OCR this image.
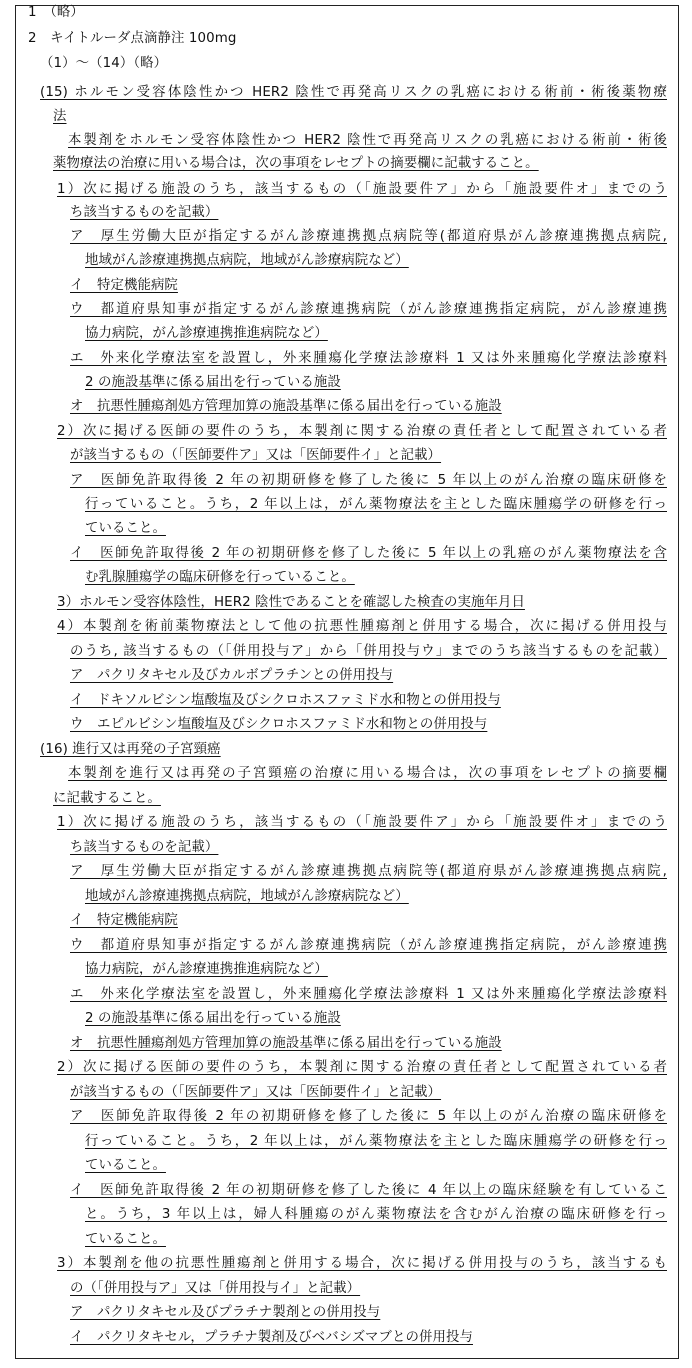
1　（略）
2　キイトルーダ点滴静注 100mg
（1）～（14）（略）
(15) ホルモン受容体陰性かつ HER2 陰性で再発高リスクの乳癌における術前・術後薬物療
法
本製剤をホルモン受容体陰性かつ HER2 陰性で再発高リスクの乳癌における術前・術後
薬物療法の治療に用いる場合は，次の事項をレセプトの摘要欄に記載すること。
1）次に掲げる施設のうち，該当するもの（「施設要件ア」から「施設要件オ」までのう
ち該当するものを記載）
ア　厚生労働大臣が指定するがん診療連携拠点病院等(都道府県がん診療連携拠点病院,
地域がん診療連携拠点病院，地域がん診療病院など）
イ　特定機能病院
ウ　都道府県知事が指定するがん診療連携病院（がん診療連携指定病院，がん診療連携
協力病院，がん診療連携推進病院など）
エ　外来化学療法室を設置し，外来腫瘍化学療法診療料 1 又は外来腫瘍化学療法診療料
2 の施設基準に係る届出を行っている施設
オ　抗悪性腫瘍剤処方管理加算の施設基準に係る届出を行っている施設
2）次に掲げる医師の要件のうち，本製剤に関する治療の責任者として配置されている者
が該当するもの（「医師要件ア」又は「医師要件イ」と記載）
ア　医師免許取得後 2 年の初期研修を修了した後に 5 年以上のがん治療の臨床研修を
行っていること。うち，2 年以上は，がん薬物療法を主とした臨床腫瘍学の研修を行っ
ていること。
イ　医師免許取得後 2 年の初期研修を修了した後に 5 年以上の乳癌のがん薬物療法を含
む乳腺腫瘍学の臨床研修を行っていること。
3）ホルモン受容体陰性，HER2 陰性であることを確認した検査の実施年月日
4）本製剤を術前薬物療法として他の抗悪性腫瘍剤と併用する場合，次に掲げる併用投与
のうち, 該当するもの（「併用投与ア」から「併用投与ウ」までのうち該当するものを記載）
ア　パクリタキセル及びカルボプラチンとの併用投与
イ　ドキソルビシン塩酸塩及びシクロホスファミド水和物との併用投与
ウ　エピルビシン塩酸塩及びシクロホスファミド水和物との併用投与
(16) 進行又は再発の子宮頸癌
本製剤を進行又は再発の子宮頸癌の治療に用いる場合は，次の事項をレセプトの摘要欄
に記載すること。
1）次に掲げる施設のうち，該当するもの（「施設要件ア」から「施設要件オ」までのう
ち該当するものを記載）
ア　厚生労働大臣が指定するがん診療連携拠点病院等(都道府県がん診療連携拠点病院,
地域がん診療連携拠点病院，地域がん診療病院など）
イ　特定機能病院
ウ　都道府県知事が指定するがん診療連携病院（がん診療連携指定病院，がん診療連携
協力病院，がん診療連携推進病院など）
エ　外来化学療法室を設置し，外来腫瘍化学療法診療料 1 又は外来腫瘍化学療法診療料
2 の施設基準に係る届出を行っている施設
オ　抗悪性腫瘍剤処方管理加算の施設基準に係る届出を行っている施設
2）次に掲げる医師の要件のうち，本製剤に関する治療の責任者として配置されている者
が該当するもの（「医師要件ア」又は「医師要件イ」と記載）
ア　医師免許取得後 2 年の初期研修を修了した後に 5 年以上のがん治療の臨床研修を
行っていること。うち，2 年以上は，がん薬物療法を主とした臨床腫瘍学の研修を行っ
ていること。
イ　医師免許取得後 2 年の初期研修を修了した後に 4 年以上の臨床経験を有しているこ
と。うち，3 年以上は，婦人科腫瘍のがん薬物療法を含むがん治療の臨床研修を行っ
ていること。
3）本製剤を他の抗悪性腫瘍剤と併用する場合，次に掲げる併用投与のうち，該当するも
の（「併用投与ア」又は「併用投与イ」と記載）
ア　パクリタキセル及びプラチナ製剤との併用投与
イ　パクリタキセル，プラチナ製剤及びベバシズマブとの併用投与
